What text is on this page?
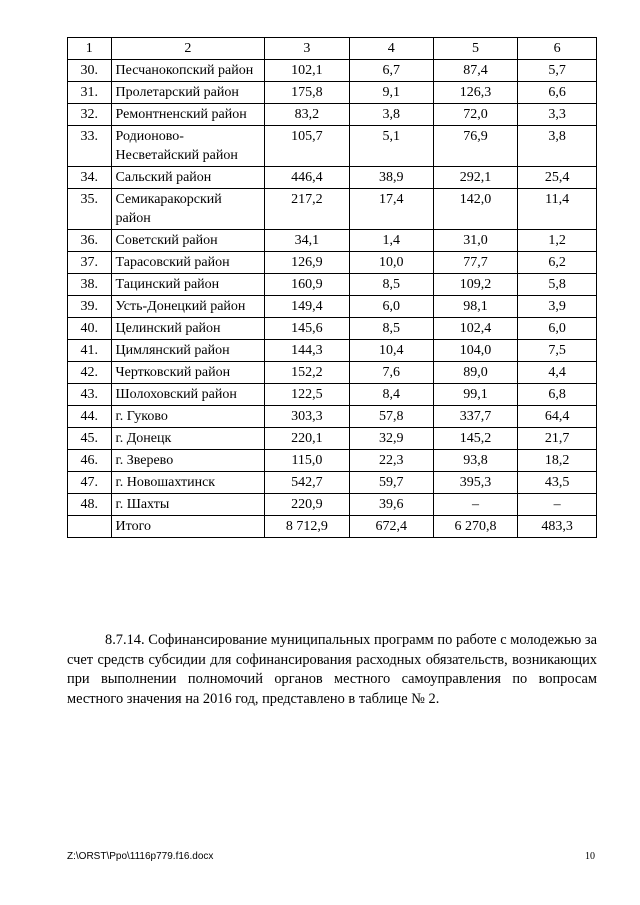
1	2	3	4	5	6
30.	Песчанокопский район	102,1	6,7	87,4	5,7
31.	Пролетарский район	175,8	9,1	126,3	6,6
32.	Ремонтненский район	83,2	3,8	72,0	3,3
33.	Родионово-Несветайский район	105,7	5,1	76,9	3,8
34.	Сальский район	446,4	38,9	292,1	25,4
35.	Семикаракорский район	217,2	17,4	142,0	11,4
36.	Советский район	34,1	1,4	31,0	1,2
37.	Тарасовский район	126,9	10,0	77,7	6,2
38.	Тацинский район	160,9	8,5	109,2	5,8
39.	Усть-Донецкий район	149,4	6,0	98,1	3,9
40.	Целинский район	145,6	8,5	102,4	6,0
41.	Цимлянский район	144,3	10,4	104,0	7,5
42.	Чертковский район	152,2	7,6	89,0	4,4
43.	Шолоховский район	122,5	8,4	99,1	6,8
44.	г. Гуково	303,3	57,8	337,7	64,4
45.	г. Донецк	220,1	32,9	145,2	21,7
46.	г. Зверево	115,0	22,3	93,8	18,2
47.	г. Новошахтинск	542,7	59,7	395,3	43,5
48.	г. Шахты	220,9	39,6	–	–
	Итого	8 712,9	672,4	6 270,8	483,3
8.7.14. Софинансирование муниципальных программ по работе с молодежью за счет средств субсидии для софинансирования расходных обязательств, возникающих при выполнении полномочий органов местного самоуправления по вопросам местного значения на 2016 год, представлено в таблице № 2.
Z:\ORST\Ppo\1116p779.f16.docx	10
